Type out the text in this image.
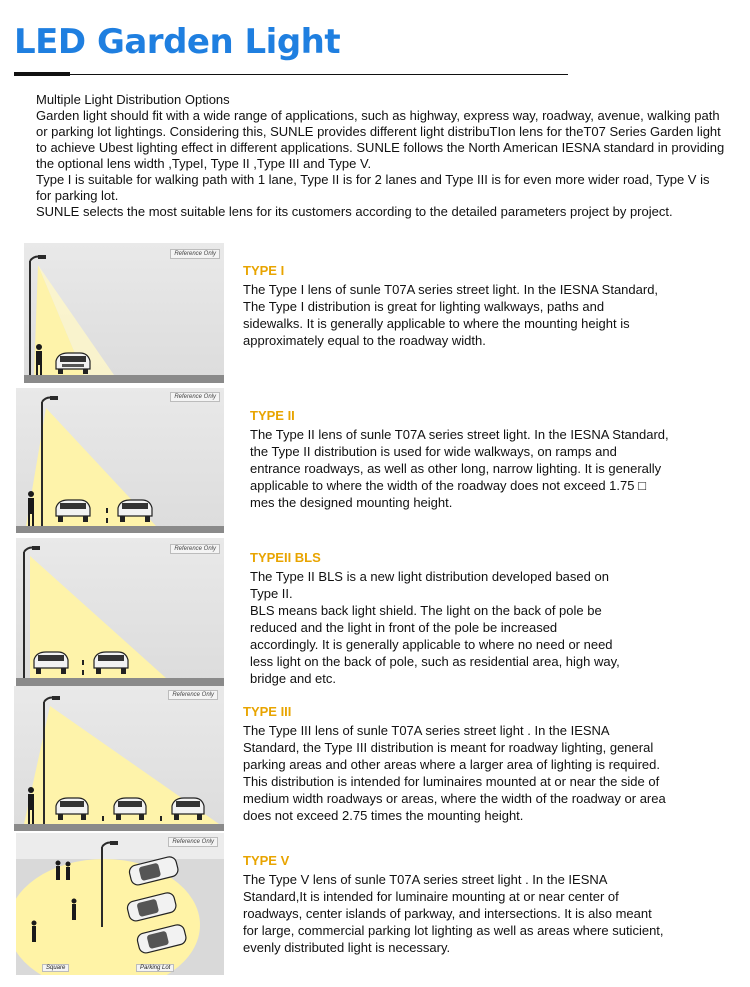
LED Garden Light

Multiple Light Distribution Options

Garden light should fit with a wide range of applications, such as highway, express way, roadway, avenue, walking path or parking lot lightings. Considering this, SUNLE provides different light distribuTIon lens for theT07 Series Garden light to achieve Ubest lighting effect in different applications. SUNLE follows the North American IESNA standard in providing the optional lens width ,TypeI, Type II ,Type III and Type V.

Type I is suitable for walking path with 1 lane, Type II is for 2 lanes and Type III is for even more wider road, Type V is for parking lot.

SUNLE selects the most suitable lens for its customers according to the detailed parameters project by project.

Reference Only
TYPE I
The Type I lens of sunle T07A series street light. In the IESNA Standard,
The Type I distribution is great for lighting walkways, paths and
sidewalks. It is generally applicable to where the mounting height is
approximately equal to the roadway width.
Reference Only
TYPE II
The Type II lens of sunle T07A series street light. In the IESNA Standard,
the Type II distribution is used for wide walkways, on ramps and
entrance roadways, as well as other long, narrow lighting. It is generally
applicable to where the width of the roadway does not exceed 1.75 □
mes the designed mounting height.
Reference Only
TYPEII BLS
The Type II BLS is a new light distribution developed based on
Type II.
BLS means back light shield. The light on the back of pole be
reduced and the light in front of the pole be increased
accordingly. It is generally applicable to where no need or need
less light on the back of pole, such as residential area, high way,
bridge and etc.
Reference Only
TYPE III
The Type III lens of sunle T07A series street light . In the IESNA
Standard, the Type III distribution is meant for roadway lighting, general
parking areas and other areas where a larger area of lighting is required.
This distribution is intended for luminaires mounted at or near the side of
medium width roadways or areas, where the width of the roadway or area
does not exceed 2.75 times the mounting height.
Reference Only
Square	Parking Lot
TYPE V
The Type V lens of sunle T07A series street light . In the IESNA
Standard,It is intended for luminaire mounting at or near center of
roadways, center islands of parkway, and intersections. It is also meant
for large, commercial parking lot lighting as well as areas where suticient,
evenly distributed light is necessary.
